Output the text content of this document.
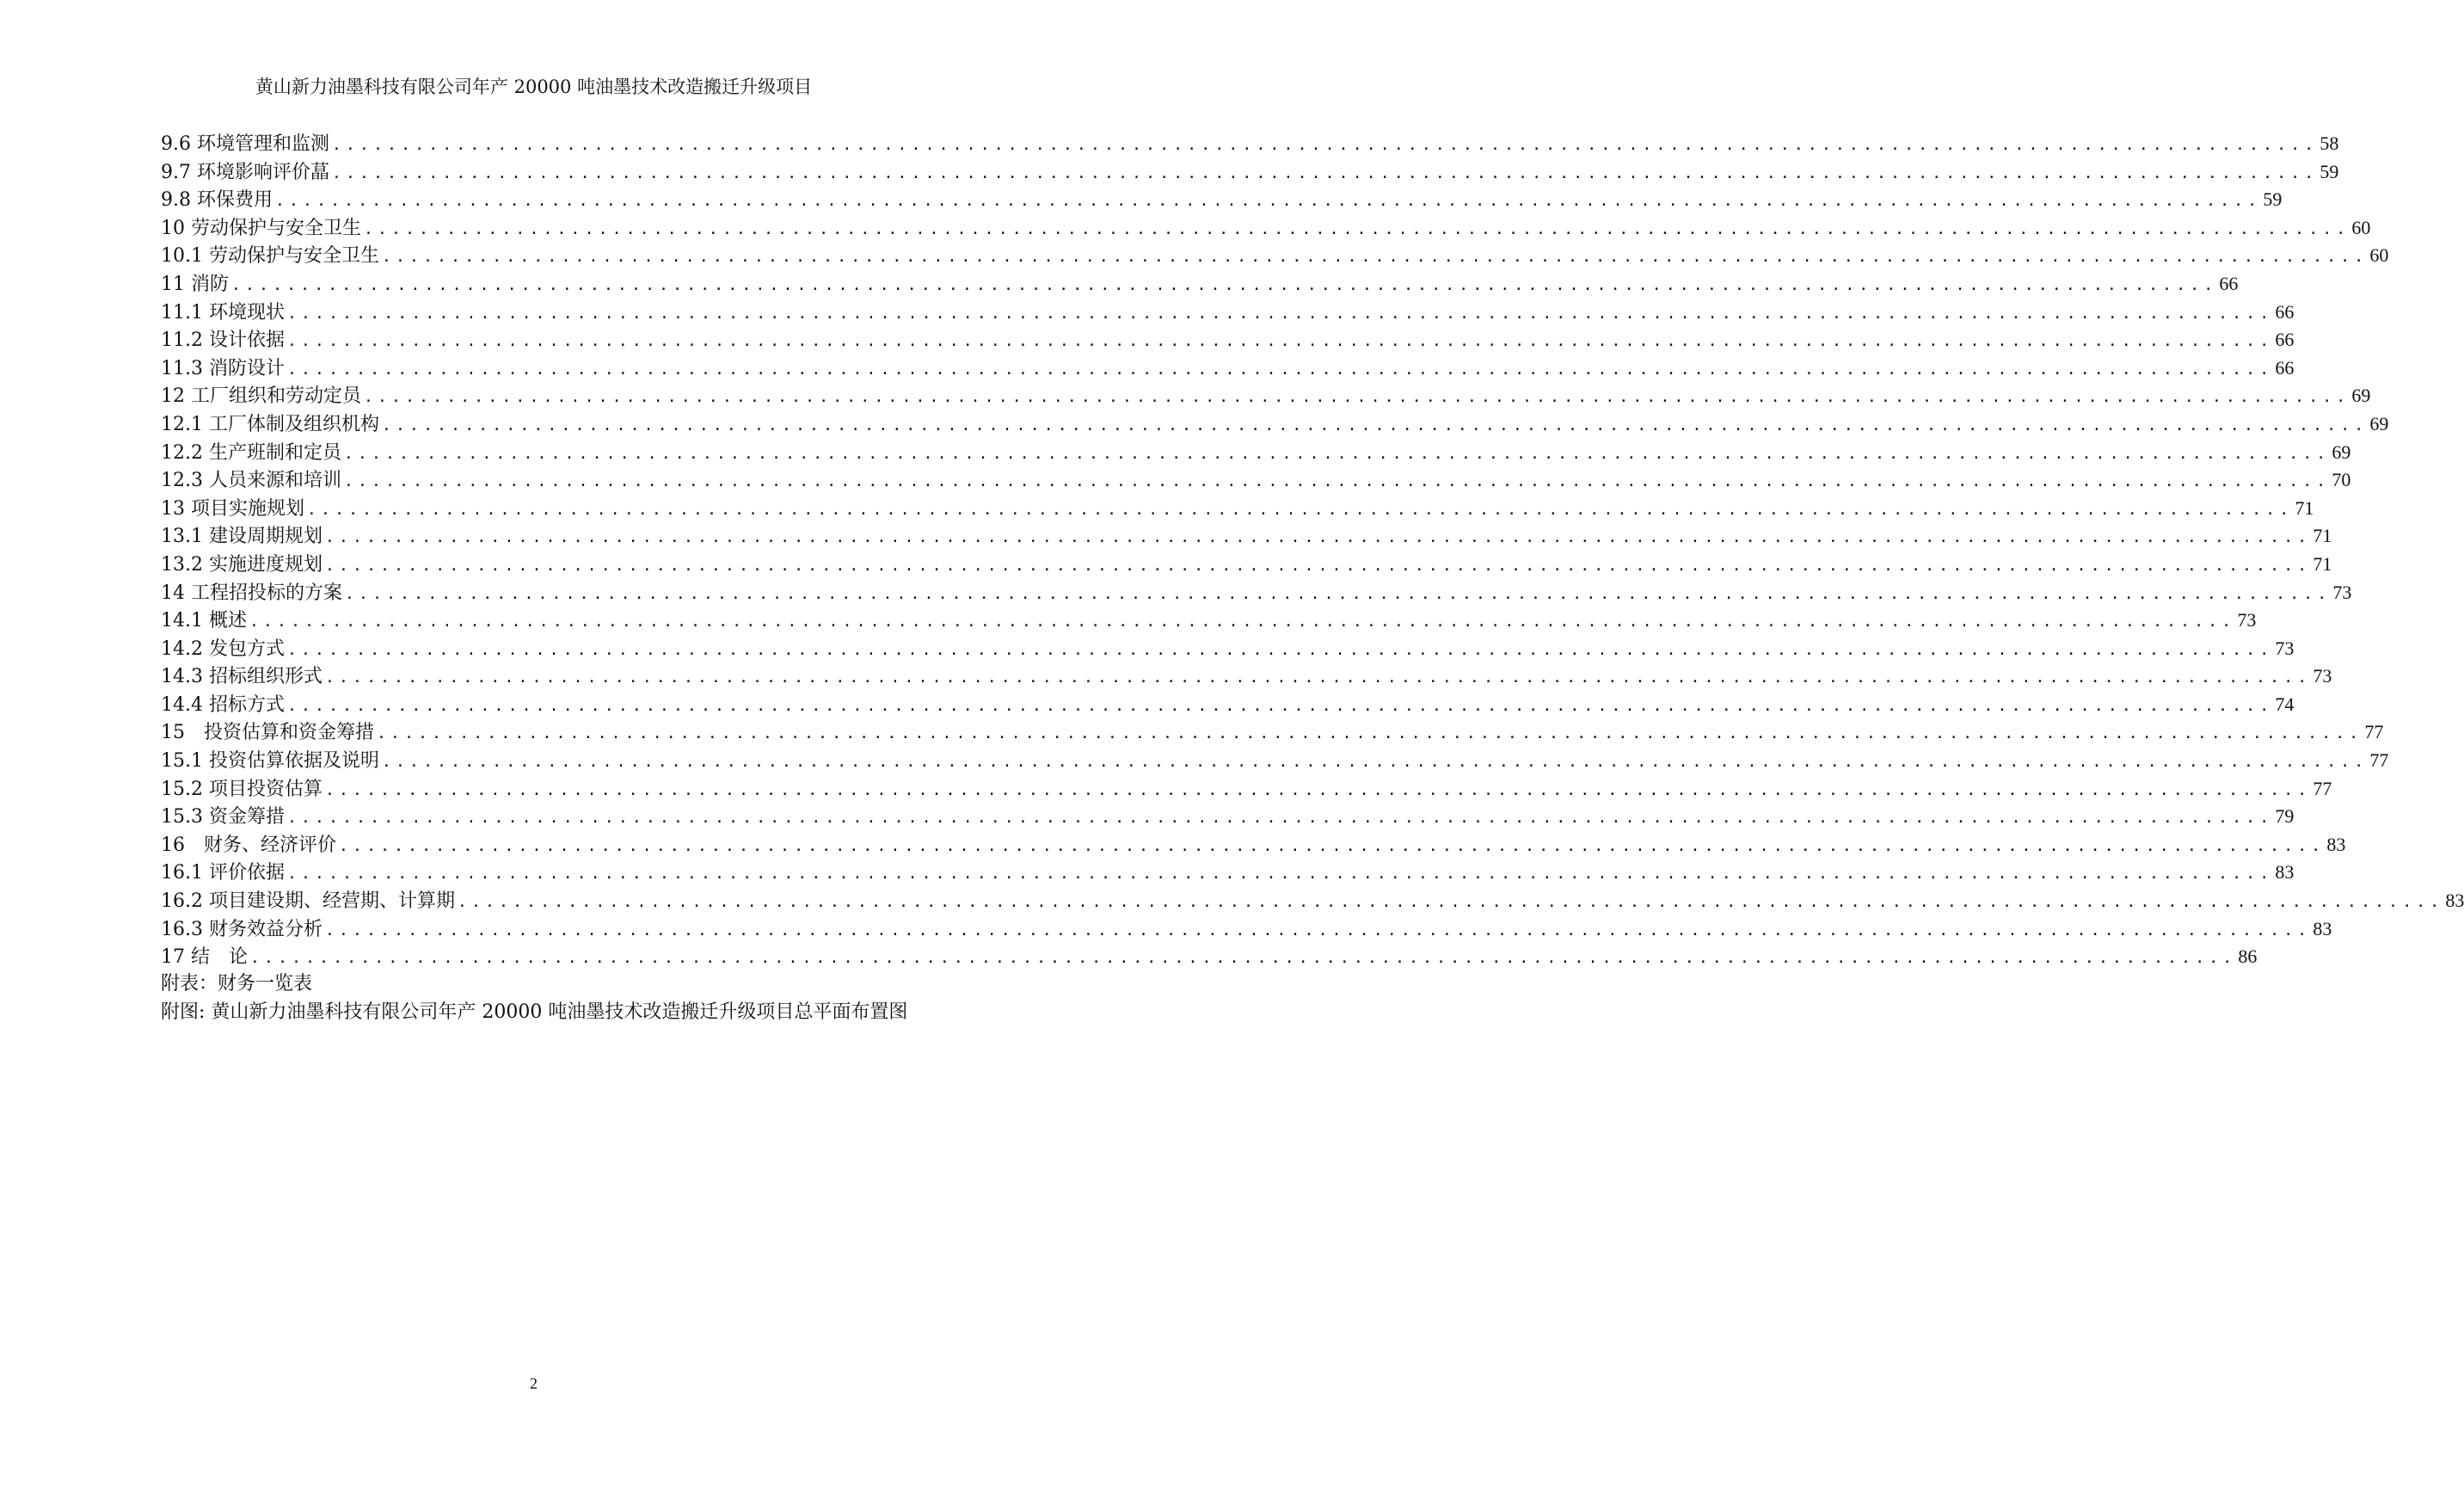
黄山新力油墨科技有限公司年产 20000 吨油墨技术改造搬迁升级项目
9.6 环境管理和监测 ................................................................................................................................................ 58
9.7 环境影响评价蕌 ................................................................................................................................................ 59
9.8 环保费用 ................................................................................................................................................ 59
10 劳动保护与安全卫生 ................................................................................................................................................ 60
10.1 劳动保护与安全卫生 ................................................................................................................................................ 60
11 消防 ................................................................................................................................................ 66
11.1 环境现状 ................................................................................................................................................ 66
11.2 设计依据 ................................................................................................................................................ 66
11.3 消防设计 ................................................................................................................................................ 66
12 工厂组织和劳动定员 ................................................................................................................................................ 69
12.1 工厂体制及组织机构 ................................................................................................................................................ 69
12.2 生产班制和定员 ................................................................................................................................................ 69
12.3 人员来源和培训 ................................................................................................................................................ 70
13 项目实施规划 ................................................................................................................................................ 71
13.1 建设周期规划 ................................................................................................................................................ 71
13.2 实施进度规划 ................................................................................................................................................ 71
14 工程招投标的方案 ................................................................................................................................................ 73
14.1 概述 ................................................................................................................................................ 73
14.2 发包方式 ................................................................................................................................................ 73
14.3 招标组织形式 ................................................................................................................................................ 73
14.4 招标方式 ................................................................................................................................................ 74
15　投资估算和资金筹措 ................................................................................................................................................ 77
15.1 投资估算依据及说明 ................................................................................................................................................ 77
15.2 项目投资估算 ................................................................................................................................................ 77
15.3 资金筹措 ................................................................................................................................................ 79
16　财务、经济评价 ................................................................................................................................................ 83
16.1 评价依据 ................................................................................................................................................ 83
16.2 项目建设期、经营期、计算期 ................................................................................................................................................ 83
16.3 财务效益分析 ................................................................................................................................................ 83
17 结　论 ................................................................................................................................................ 86
附表：财务一览表
附图: 黄山新力油墨科技有限公司年产 20000 吨油墨技术改造搬迁升级项目总平面布置图
2
